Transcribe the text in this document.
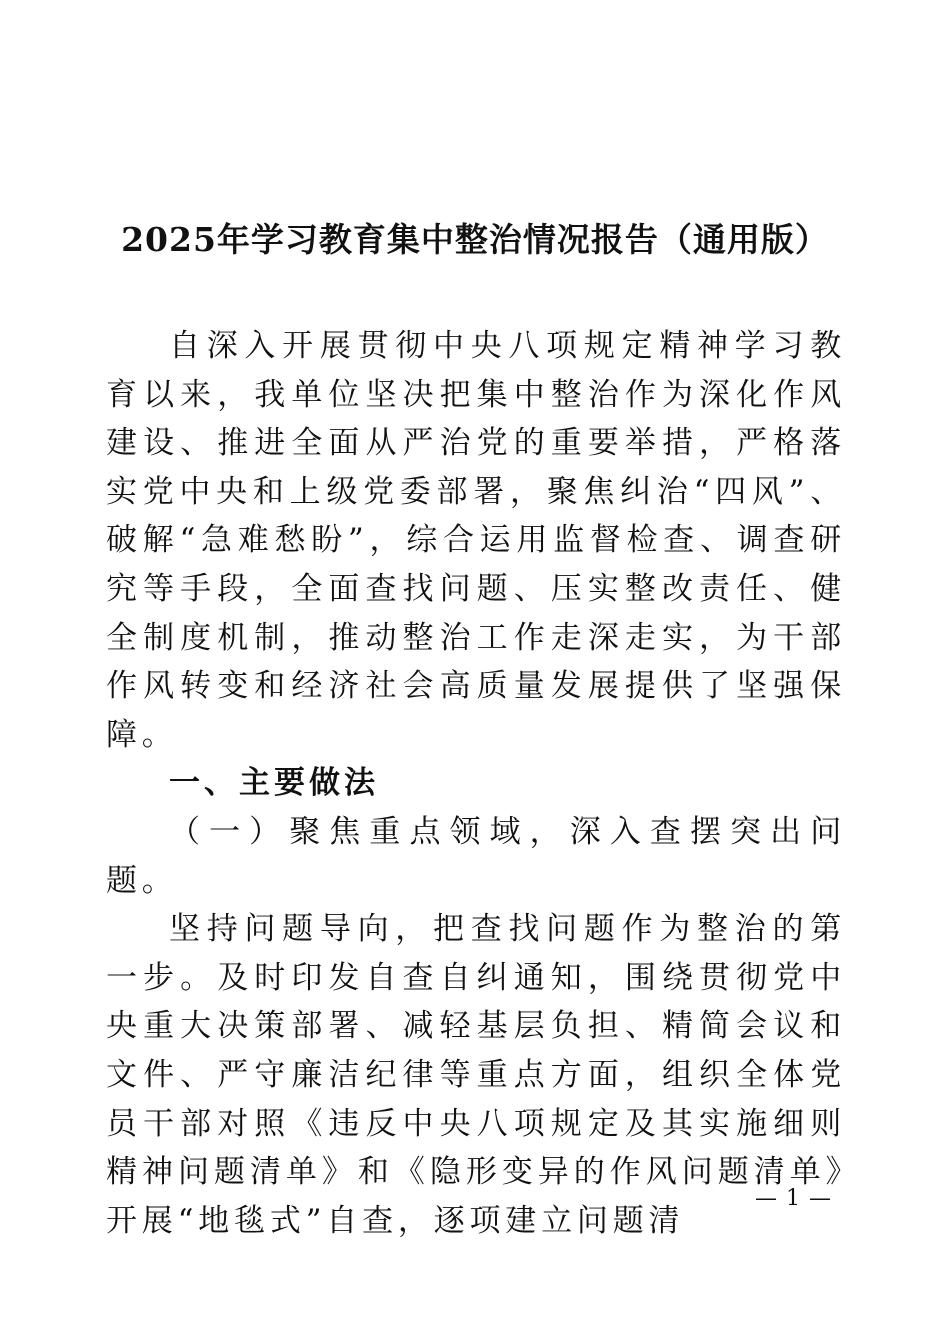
2025年学习教育集中整治情况报告（通用版）

自深入开展贯彻中央八项规定精神学习教育以来，我单位坚决把集中整治作为深化作风建设、推进全面从严治党的重要举措，严格落实党中央和上级党委部署，聚焦纠治“四风”、破解“急难愁盼”，综合运用监督检查、调查研究等手段，全面查找问题、压实整改责任、健全制度机制，推动整治工作走深走实，为干部作风转变和经济社会高质量发展提供了坚强保障。

一、主要做法

（一）聚焦重点领域，深入查摆突出问题。

坚持问题导向，把查找问题作为整治的第一步。及时印发自查自纠通知，围绕贯彻党中央重大决策部署、减轻基层负担、精简会议和文件、严守廉洁纪律等重点方面，组织全体党员干部对照《违反中央八项规定及其实施细则精神问题清单》和《隐形变异的作风问题清单》开展“地毯式”自查，逐项建立问题清

— 1 —
